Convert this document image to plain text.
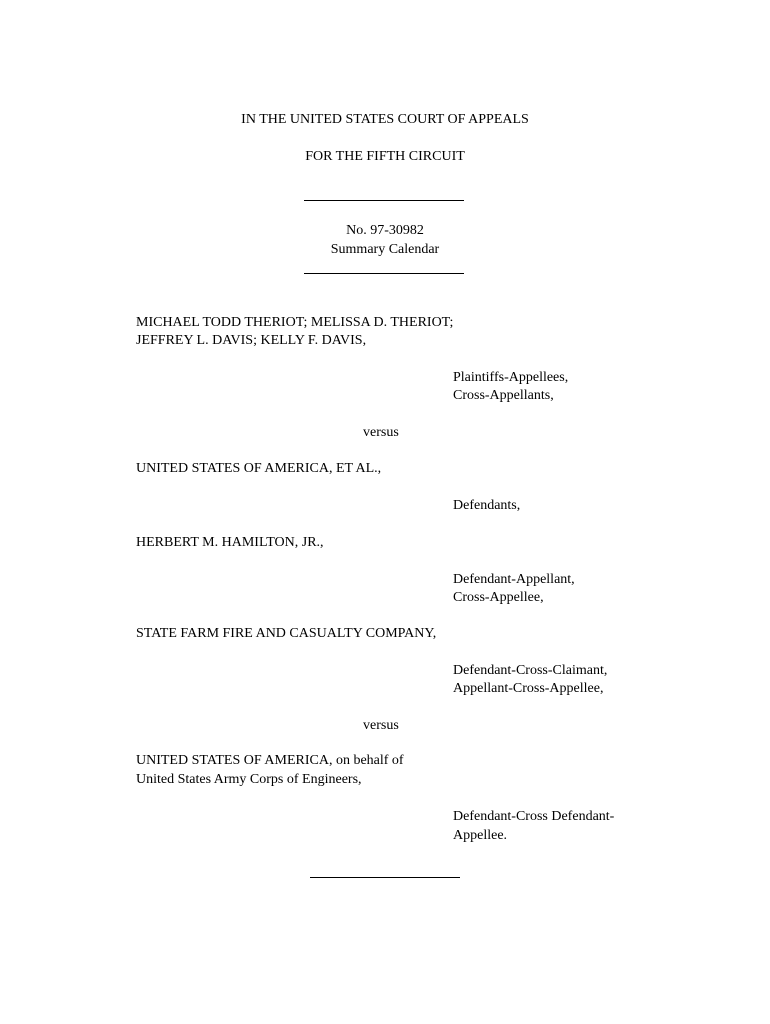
IN THE UNITED STATES COURT OF APPEALS
FOR THE FIFTH CIRCUIT
No. 97-30982
Summary Calendar
MICHAEL TODD THERIOT; MELISSA D. THERIOT;
JEFFREY L. DAVIS; KELLY F. DAVIS,
Plaintiffs-Appellees,
Cross-Appellants,
versus
UNITED STATES OF AMERICA, ET AL.,
Defendants,
HERBERT M. HAMILTON, JR.,
Defendant-Appellant,
Cross-Appellee,
STATE FARM FIRE AND CASUALTY COMPANY,
Defendant-Cross-Claimant,
Appellant-Cross-Appellee,
versus
UNITED STATES OF AMERICA, on behalf of
United States Army Corps of Engineers,
Defendant-Cross Defendant-
Appellee.
